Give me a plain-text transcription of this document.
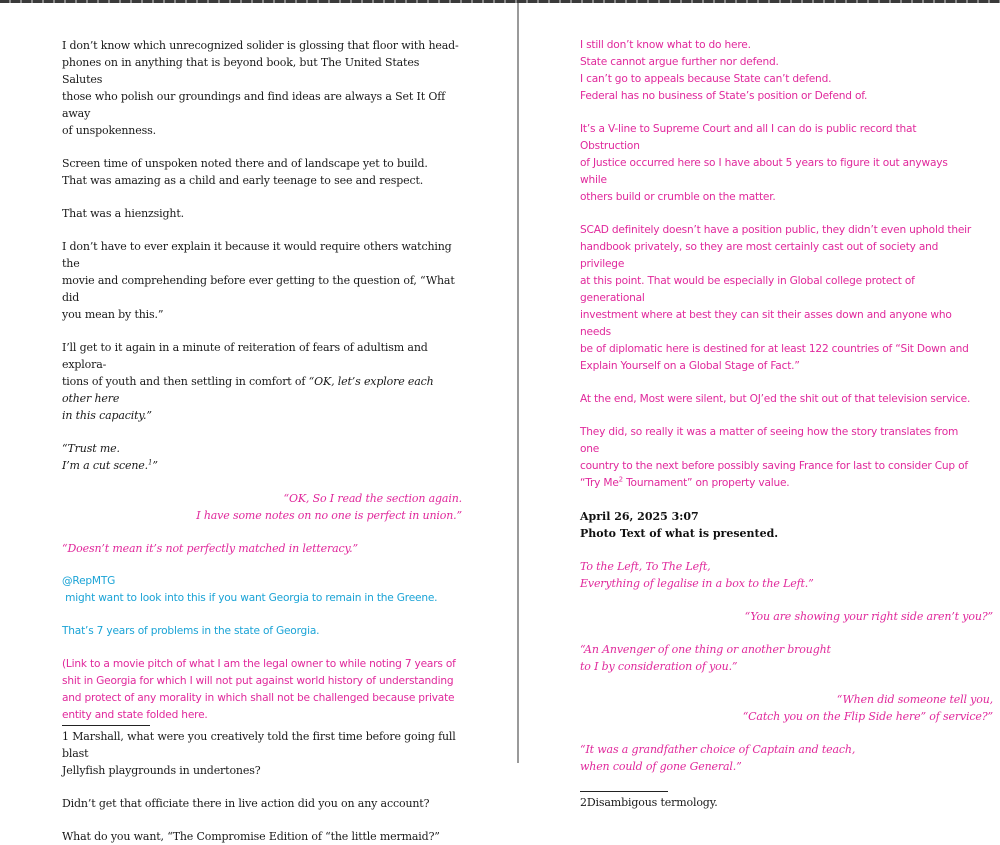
I don’t know which unrecognized solider is glossing that floor with head-
phones on in anything that is beyond book, but The United States Salutes
those who polish our groundings and find ideas are always a Set It Off away
of unspokenness.

Screen time of unspoken noted there and of landscape yet to build.
That was amazing as a child and early teenage to see and respect.

That was a hienzsight.

I don’t have to ever explain it because it would require others watching the
movie and comprehending before ever getting to the question of, “What did
you mean by this.”

I’ll get to it again in a minute of reiteration of fears of adultism and explora-
tions of youth and then settling in comfort of “OK, let’s explore each other here
in this capacity.”

“Trust me.
I’m a cut scene.$^1$”

“OK, So I read the section again.
I have some notes on no one is perfect in union.”

“Doesn’t mean it’s not perfectly matched in letteracy.”

@RepMTG
might want to look into this if you want Georgia to remain in the Greene.

That’s 7 years of problems in the state of Georgia.

(Link to a movie pitch of what I am the legal owner to while noting 7 years of
shit in Georgia for which I will not put against world history of understanding
and protect of any morality in which shall not be challenged because private
entity and state folded here.

1 Marshall, what were you creatively told the first time before going full blast
Jellyfish playgrounds in undertones?

Didn’t get that officiate there in live action did you on any account?

What do you want, “The Compromise Edition of “the little mermaid?”

I still don’t know what to do here.
State cannot argue further nor defend.
I can’t go to appeals because State can’t defend.
Federal has no business of State’s position or Defend of.

It’s a V-line to Supreme Court and all I can do is public record that Obstruction
of Justice occurred here so I have about 5 years to figure it out anyways while
others build or crumble on the matter.

SCAD definitely doesn’t have a position public, they didn’t even uphold their
handbook privately, so they are most certainly cast out of society and privilege
at this point. That would be especially in Global college protect of generational
investment where at best they can sit their asses down and anyone who needs
be of diplomatic here is destined for at least 122 countries of “Sit Down and
Explain Yourself on a Global Stage of Fact.”

At the end, Most were silent, but OJ’ed the shit out of that television service.

They did, so really it was a matter of seeing how the story translates from one
country to the next before possibly saving France for last to consider Cup of
“Try Me$^2$ Tournament” on property value.

April 26, 2025 3:07
Photo Text of what is presented.

To the Left, To The Left,
Everything of legalise in a box to the Left.”

“You are showing your right side aren’t you?”

“An Anvenger of one thing or another brought
to I by consideration of you.”

“When did someone tell you,
“Catch you on the Flip Side here” of service?”

“It was a grandfather choice of Captain and teach,
when could of gone General.”

2Disambigous termology.
